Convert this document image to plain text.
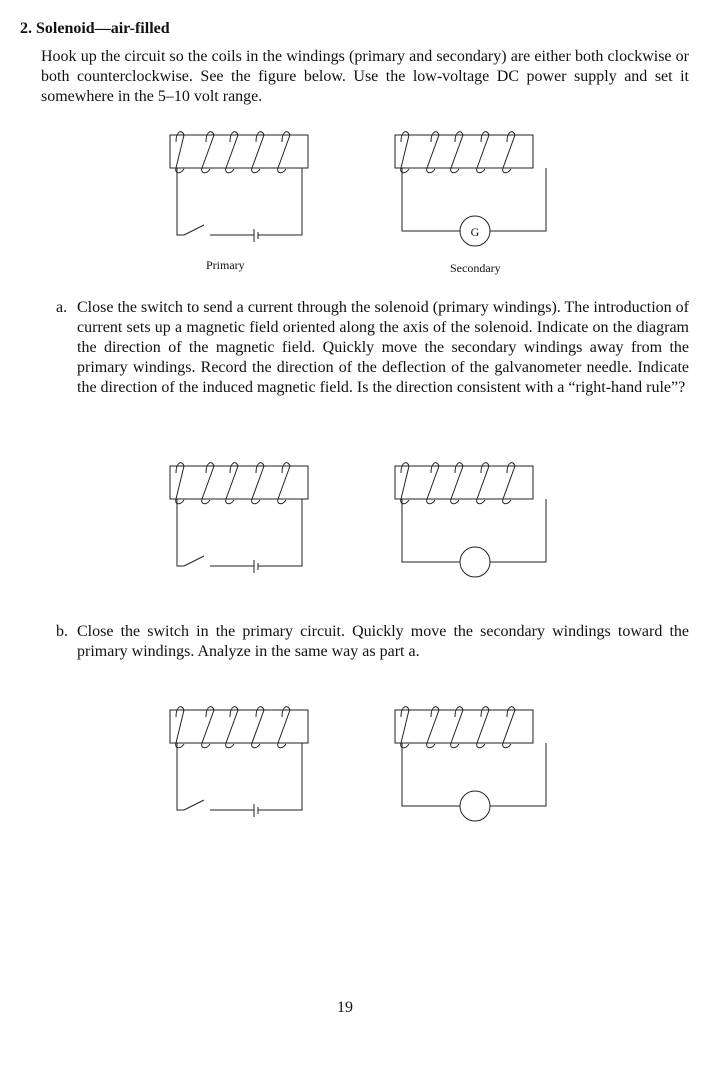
2. Solenoid—air-filled

Hook up the circuit so the coils in the windings (primary and secondary) are either both clockwise or both counterclockwise. See the figure below. Use the low-voltage DC power supply and set it somewhere in the 5–10 volt range.

Primary
G
Secondary
a. Close the switch to send a current through the solenoid (primary windings). The introduction of current sets up a magnetic field oriented along the axis of the solenoid. Indicate on the diagram the direction of the magnetic field. Quickly move the secondary windings away from the primary windings. Record the direction of the deflection of the galvanometer needle. Indicate the direction of the induced magnetic field. Is the direction consistent with a “right-hand rule”?

b. Close the switch in the primary circuit. Quickly move the secondary windings toward the primary windings. Analyze in the same way as part a.

19
